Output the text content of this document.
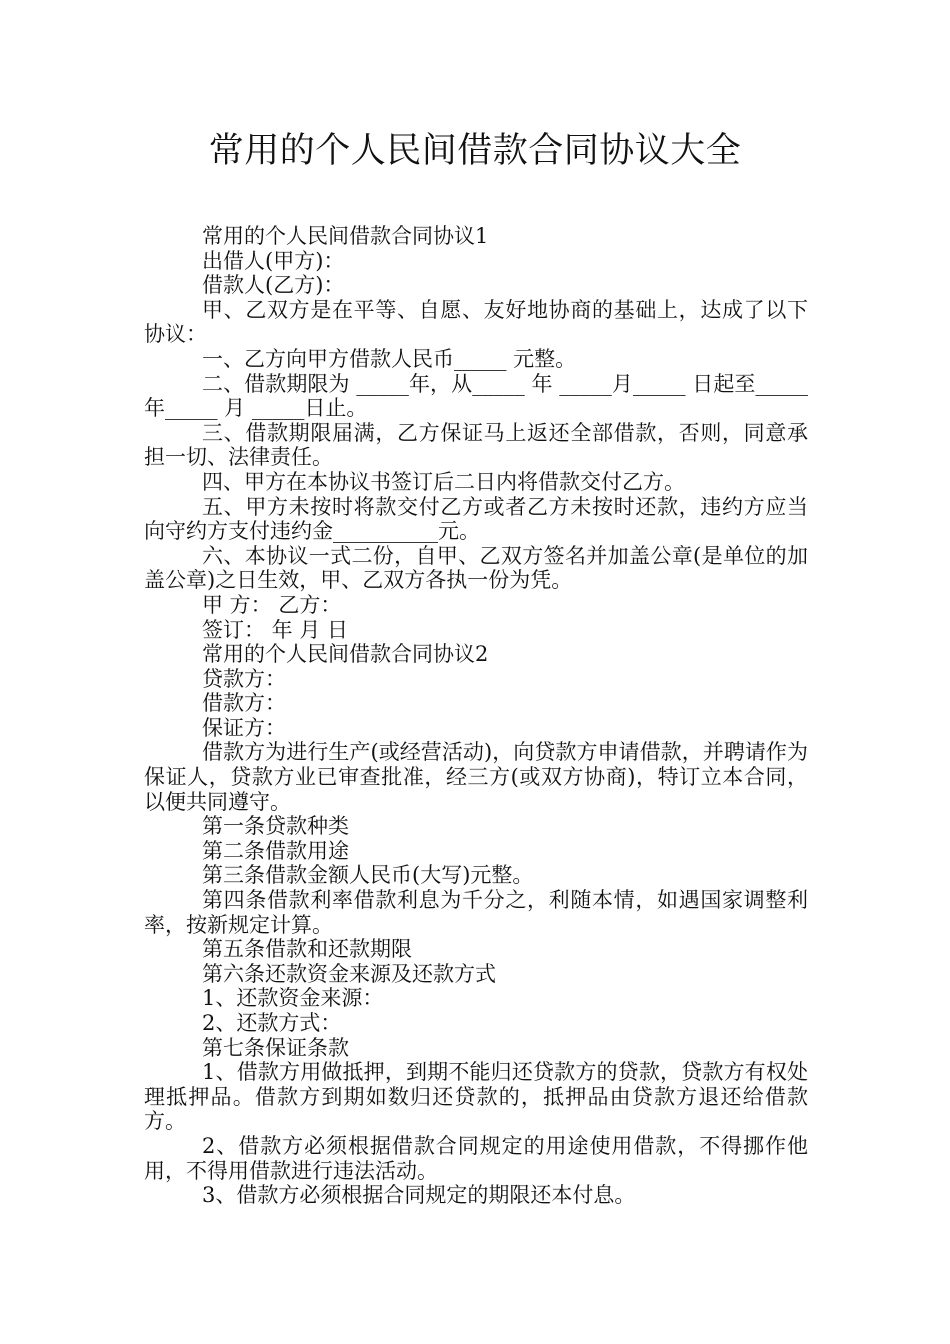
常用的个人民间借款合同协议大全

常用的个人民间借款合同协议1

出借人(甲方)：

借款人(乙方)：

甲、乙双方是在平等、自愿、友好地协商的基础上，达成了以下协议：

一、乙方向甲方借款人民币_____ 元整。

二、借款期限为 _____年，从_____ 年 _____月_____ 日起至_____ 年_____ 月 _____日止。

三、借款期限届满，乙方保证马上返还全部借款，否则，同意承担一切、法律责任。

四、甲方在本协议书签订后二日内将借款交付乙方。

五、甲方未按时将款交付乙方或者乙方未按时还款，违约方应当向守约方支付违约金__________元。

六、本协议一式二份，自甲、乙双方签名并加盖公章(是单位的加盖公章)之日生效，甲、乙双方各执一份为凭。

甲 方： 乙方：

签订： 年 月 日

常用的个人民间借款合同协议2

贷款方：

借款方：

保证方：

借款方为进行生产(或经营活动)，向贷款方申请借款，并聘请作为保证人，贷款方业已审查批准，经三方(或双方协商)，特订立本合同，以便共同遵守。

第一条贷款种类

第二条借款用途

第三条借款金额人民币(大写)元整。

第四条借款利率借款利息为千分之，利随本情，如遇国家调整利率，按新规定计算。

第五条借款和还款期限

第六条还款资金来源及还款方式

1、还款资金来源：

2、还款方式：

第七条保证条款

1、借款方用做抵押，到期不能归还贷款方的贷款，贷款方有权处理抵押品。借款方到期如数归还贷款的，抵押品由贷款方退还给借款方。

2、借款方必须根据借款合同规定的用途使用借款，不得挪作他用，不得用借款进行违法活动。

3、借款方必须根据合同规定的期限还本付息。
